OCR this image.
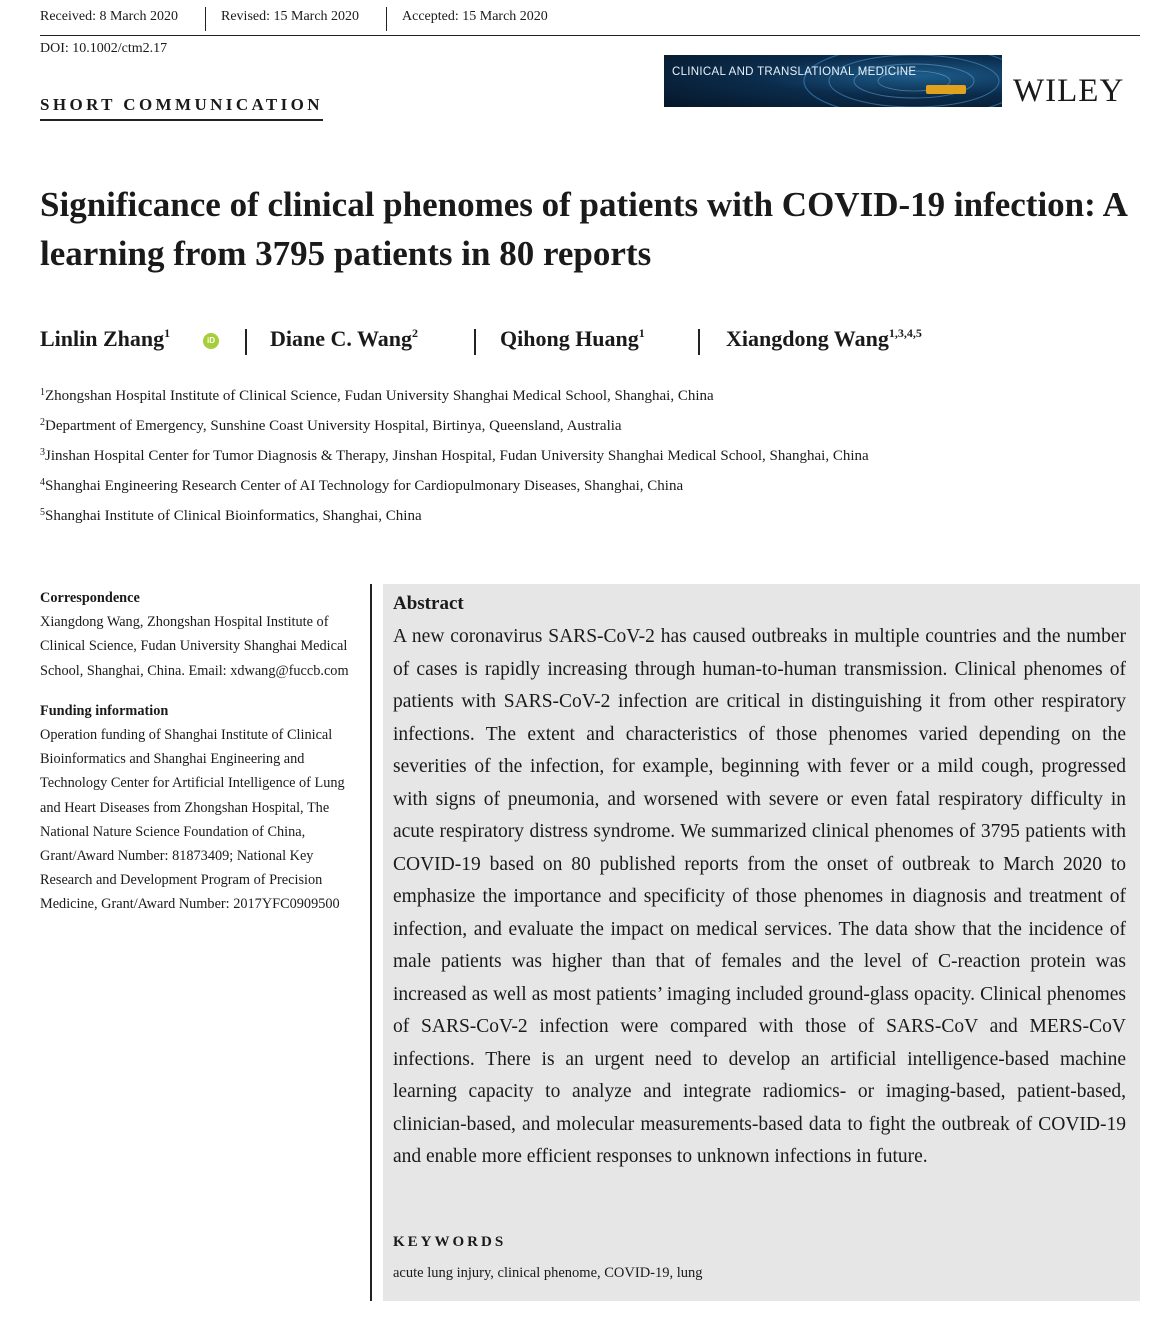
Received: 8 March 2020	Revised: 15 March 2020	Accepted: 15 March 2020
DOI: 10.1002/ctm2.17
SHORT COMMUNICATION
CLINICAL AND TRANSLATIONAL MEDICINE
WILEY
Significance of clinical phenomes of patients with COVID-19 infection: A learning from 3795 patients in 80 reports
Linlin Zhang$^1$
iD	Diane C. Wang$^2$	Qihong Huang$^1$	Xiangdong Wang$^{1,3,4,5}$
$^1$Zhongshan Hospital Institute of Clinical Science, Fudan University Shanghai Medical School, Shanghai, China
$^2$Department of Emergency, Sunshine Coast University Hospital, Birtinya, Queensland, Australia
$^3$Jinshan Hospital Center for Tumor Diagnosis & Therapy, Jinshan Hospital, Fudan University Shanghai Medical School, Shanghai, China
$^4$Shanghai Engineering Research Center of AI Technology for Cardiopulmonary Diseases, Shanghai, China
$^5$Shanghai Institute of Clinical Bioinformatics, Shanghai, China
Correspondence

Xiangdong Wang, Zhongshan Hospital Institute of Clinical Science, Fudan University Shanghai Medical School, Shanghai, China. Email: xdwang@fuccb.com

Funding information

Operation funding of Shanghai Institute of Clinical Bioinformatics and Shanghai Engineering and Technology Center for Artificial Intelligence of Lung and Heart Diseases from Zhongshan Hospital, The National Nature Science Foundation of China, Grant/Award Number: 81873409; National Key Research and Development Program of Precision Medicine, Grant/Award Number: 2017YFC0909500

Abstract

A new coronavirus SARS-CoV-2 has caused outbreaks in multiple countries and the number of cases is rapidly increasing through human-to-human transmission. Clinical phenomes of patients with SARS-CoV-2 infection are critical in distinguishing it from other respiratory infections. The extent and characteristics of those phenomes varied depending on the severities of the infection, for example, beginning with fever or a mild cough, progressed with signs of pneumonia, and worsened with severe or even fatal respiratory difficulty in acute respiratory distress syndrome. We summarized clinical phenomes of 3795 patients with COVID-19 based on 80 published reports from the onset of outbreak to March 2020 to emphasize the importance and specificity of those phenomes in diagnosis and treatment of infection, and evaluate the impact on medical services. The data show that the incidence of male patients was higher than that of females and the level of C-reaction protein was increased as well as most patients’ imaging included ground-glass opacity. Clinical phenomes of SARS-CoV-2 infection were compared with those of SARS-CoV and MERS-CoV infections. There is an urgent need to develop an artificial intelligence-based machine learning capacity to analyze and integrate radiomics- or imaging-based, patient-based, clinician-based, and molecular measurements-based data to fight the outbreak of COVID-19 and enable more efficient responses to unknown infections in future.

KEYWORDS

acute lung injury, clinical phenome, COVID-19, lung
